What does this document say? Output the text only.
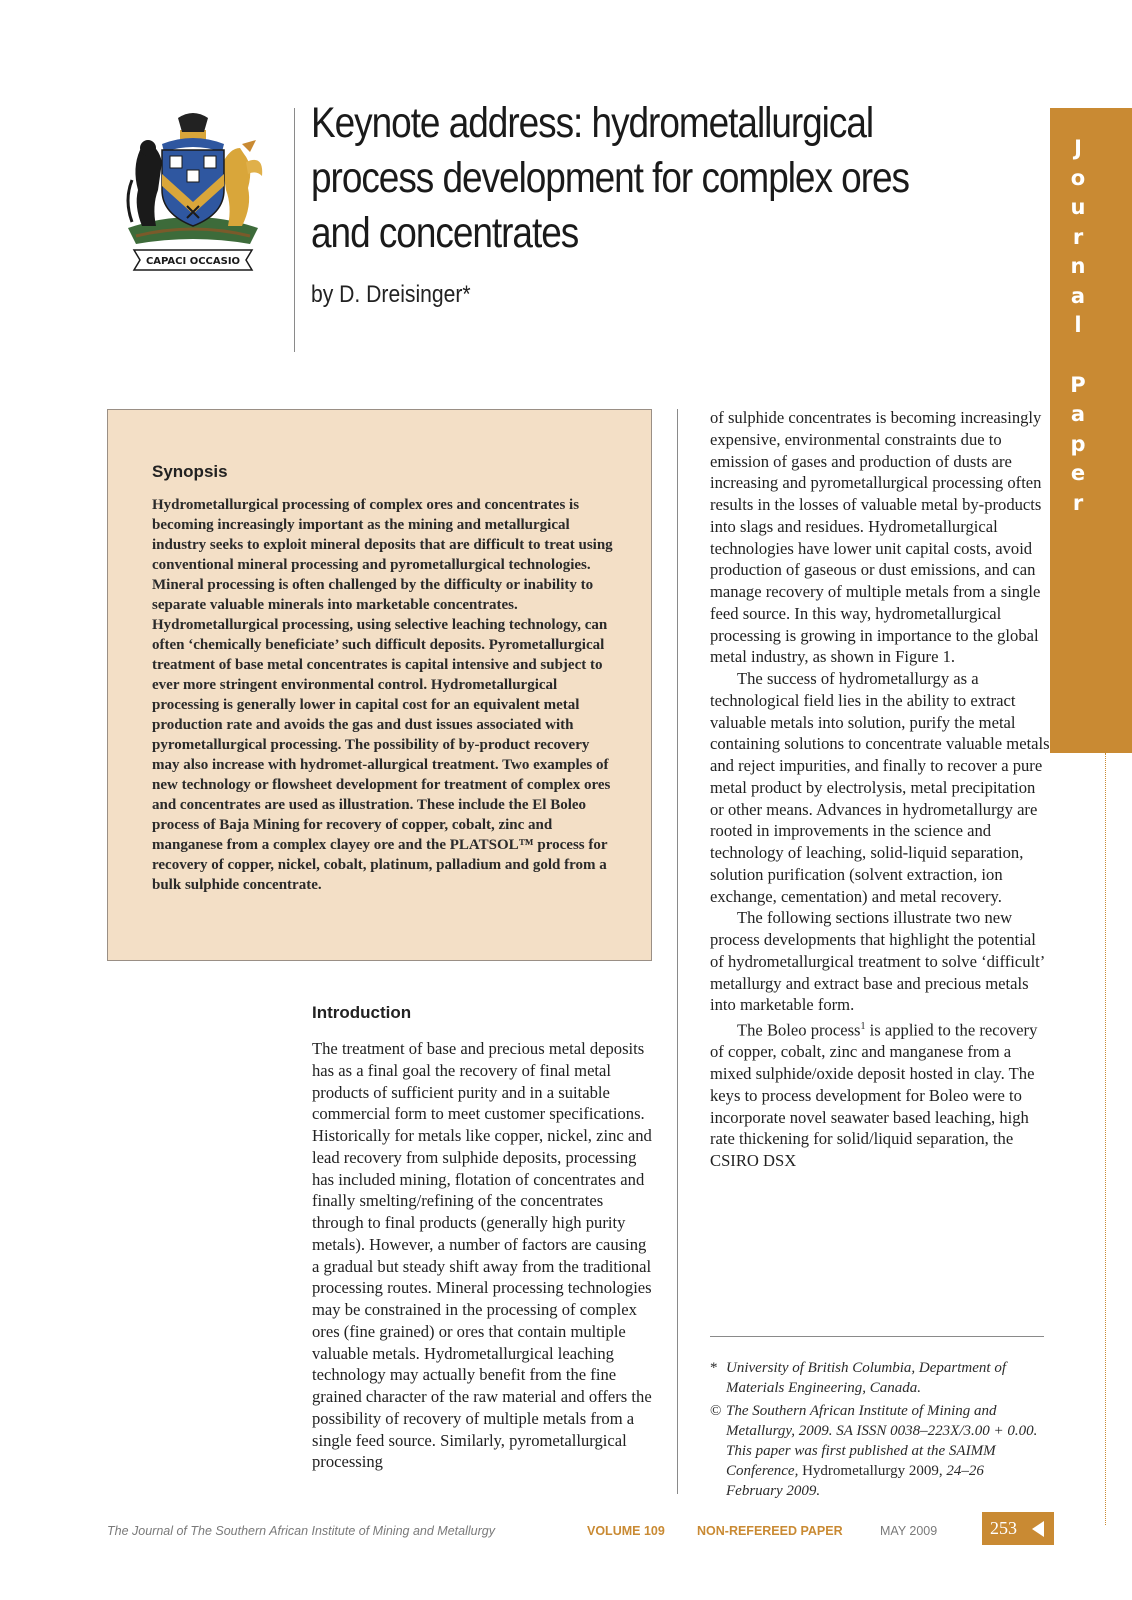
CAPACI OCCASIO
Keynote address: hydrometallurgical process development for complex ores and concentrates

by D. Dreisinger*

J
o
u
r
n
a
l
P
a
p
e
r
Synopsis

Hydrometallurgical processing of complex ores and concentrates is becoming increasingly important as the mining and metallurgical industry seeks to exploit mineral deposits that are difficult to treat using conventional mineral processing and pyrometallurgical technologies. Mineral processing is often challenged by the difficulty or inability to separate valuable minerals into marketable concentrates. Hydrometallurgical processing, using selective leaching technology, can often ‘chemically beneficiate’ such difficult deposits. Pyrometallurgical treatment of base metal concentrates is capital intensive and subject to ever more stringent environmental control. Hydrometallurgical processing is generally lower in capital cost for an equivalent metal production rate and avoids the gas and dust issues associated with pyrometallurgical processing. The possibility of by-product recovery may also increase with hydromet-allurgical treatment. Two examples of new technology or flowsheet development for treatment of complex ores and concentrates are used as illustration. These include the El Boleo process of Baja Mining for recovery of copper, cobalt, zinc and manganese from a complex clayey ore and the PLATSOL™ process for recovery of copper, nickel, cobalt, platinum, palladium and gold from a bulk sulphide concentrate.

Introduction

The treatment of base and precious metal deposits has as a final goal the recovery of final metal products of sufficient purity and in a suitable commercial form to meet customer specifications. Historically for metals like copper, nickel, zinc and lead recovery from sulphide deposits, processing has included mining, flotation of concentrates and finally smelting/refining of the concentrates through to final products (generally high purity metals). However, a number of factors are causing a gradual but steady shift away from the traditional processing routes. Mineral processing technologies may be constrained in the processing of complex ores (fine grained) or ores that contain multiple valuable metals. Hydrometallurgical leaching technology may actually benefit from the fine grained character of the raw material and offers the possibility of recovery of multiple metals from a single feed source. Similarly, pyrometallurgical processing

of sulphide concentrates is becoming increasingly expensive, environmental constraints due to emission of gases and production of dusts are increasing and pyrometallurgical processing often results in the losses of valuable metal by-products into slags and residues. Hydrometallurgical technologies have lower unit capital costs, avoid production of gaseous or dust emissions, and can manage recovery of multiple metals from a single feed source. In this way, hydrometallurgical processing is growing in importance to the global metal industry, as shown in Figure 1.

The success of hydrometallurgy as a technological field lies in the ability to extract valuable metals into solution, purify the metal containing solutions to concentrate valuable metals and reject impurities, and finally to recover a pure metal product by electrolysis, metal precipitation or other means. Advances in hydrometallurgy are rooted in improvements in the science and technology of leaching, solid-liquid separation, solution purification (solvent extraction, ion exchange, cementation) and metal recovery.

The following sections illustrate two new process developments that highlight the potential of hydrometallurgical treatment to solve ‘difficult’ metallurgy and extract base and precious metals into marketable form.

The Boleo process$^1$ is applied to the recovery of copper, cobalt, zinc and manganese from a mixed sulphide/oxide deposit hosted in clay. The keys to process development for Boleo were to incorporate novel seawater based leaching, high rate thickening for solid/liquid separation, the CSIRO DSX

* University of British Columbia, Department of Materials Engineering, Canada.

© The Southern African Institute of Mining and Metallurgy, 2009. SA ISSN 0038–223X/3.00 + 0.00. This paper was first published at the SAIMM Conference, Hydrometallurgy 2009, 24–26 February 2009.

The Journal of The Southern African Institute of Mining and Metallurgy	VOLUME 109	NON-REFEREED PAPER	MAY 2009	253
